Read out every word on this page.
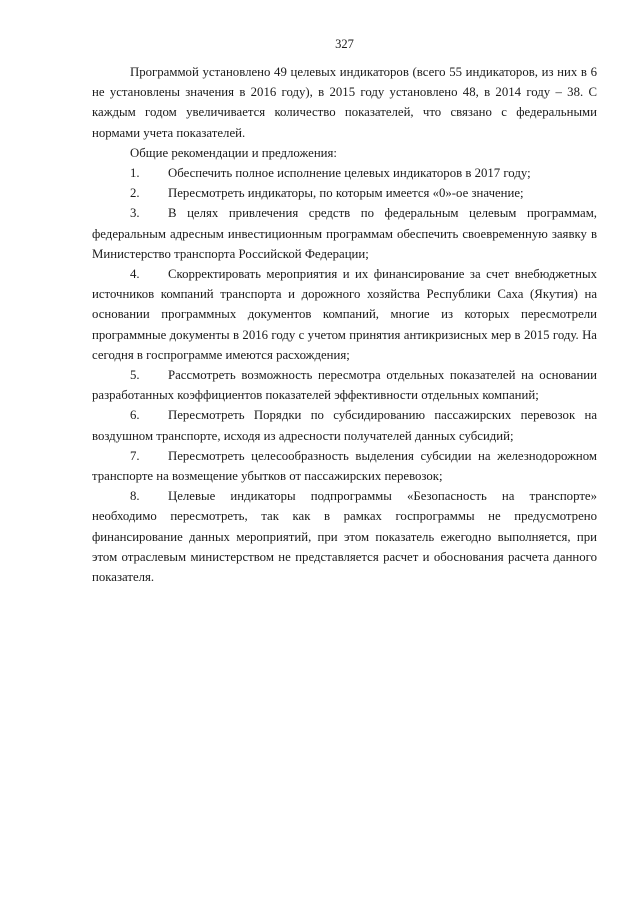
327

Программой установлено 49 целевых индикаторов (всего 55 индикаторов, из них в 6 не установлены значения в 2016 году), в 2015 году установлено 48, в 2014 году – 38. С каждым годом увеличивается количество показателей, что связано с федеральными нормами учета показателей.

Общие рекомендации и предложения:

1. Обеспечить полное исполнение целевых индикаторов в 2017 году;

2. Пересмотреть индикаторы, по которым имеется «0»-ое значение;

3. В целях привлечения средств по федеральным целевым программам, федеральным адресным инвестиционным программам обеспечить своевременную заявку в Министерство транспорта Российской Федерации;

4. Скорректировать мероприятия и их финансирование за счет внебюджетных источников компаний транспорта и дорожного хозяйства Республики Саха (Якутия) на основании программных документов компаний, многие из которых пересмотрели программные документы в 2016 году с учетом принятия антикризисных мер в 2015 году. На сегодня в госпрограмме имеются расхождения;

5. Рассмотреть возможность пересмотра отдельных показателей на основании разработанных коэффициентов показателей эффективности отдельных компаний;

6. Пересмотреть Порядки по субсидированию пассажирских перевозок на воздушном транспорте, исходя из адресности получателей данных субсидий;

7. Пересмотреть целесообразность выделения субсидии на железнодорожном транспорте на возмещение убытков от пассажирских перевозок;

8. Целевые индикаторы подпрограммы «Безопасность на транспорте» необходимо пересмотреть, так как в рамках госпрограммы не предусмотрено финансирование данных мероприятий, при этом показатель ежегодно выполняется, при этом отраслевым министерством не представляется расчет и обоснования расчета данного показателя.
